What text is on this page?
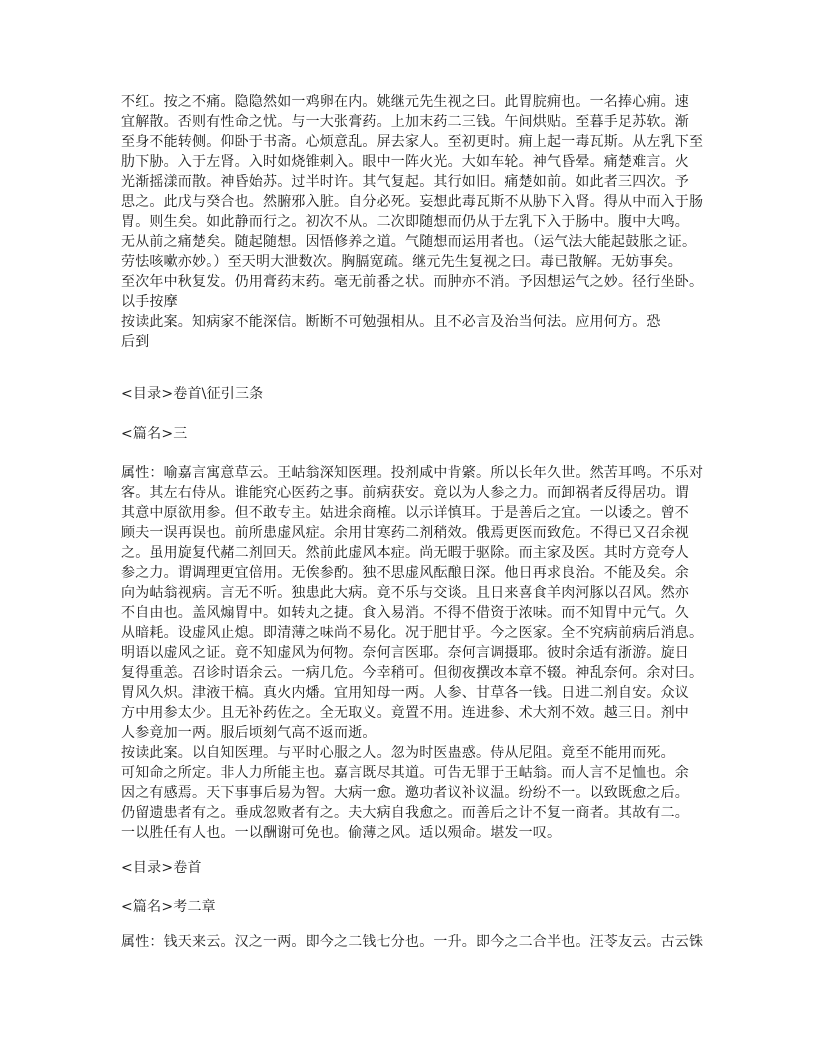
不红。按之不痛。隐隐然如一鸡卵在内。姚继元先生视之曰。此胃脘痈也。一名捧心痈。速
宜解散。否则有性命之忧。与一大张膏药。上加末药二三钱。午间烘贴。至暮手足苏软。渐
至身不能转侧。仰卧于书斋。心烦意乱。屏去家人。至初更时。痈上起一毒瓦斯。从左乳下至
肋下胁。入于左肾。入时如烧锥刺入。眼中一阵火光。大如车轮。神气昏晕。痛楚难言。火
光渐摇漾而散。神昏始苏。过半时许。其气复起。其行如旧。痛楚如前。如此者三四次。予
思之。此戊与癸合也。然腑邪入脏。自分必死。妄想此毒瓦斯不从胁下入肾。得从中而入于肠
胃。则生矣。如此静而行之。初次不从。二次即随想而仍从于左乳下入于肠中。腹中大鸣。
无从前之痛楚矣。随起随想。因悟修养之道。气随想而运用者也。（运气法大能起鼓胀之证。
劳怯咳嗽亦妙。）至天明大泄数次。胸膈宽疏。继元先生复视之曰。毒已散解。无妨事矣。
至次年中秋复发。仍用膏药末药。毫无前番之状。而肿亦不消。予因想运气之妙。径行坐卧。
以手按摩
按读此案。知病家不能深信。断断不可勉强相从。且不必言及治当何法。应用何方。恐
后到
<目录>卷首\征引三条
<篇名>三
属性：喻嘉言寓意草云。王岵翁深知医理。投剂咸中肯綮。所以长年久世。然苦耳鸣。不乐对
客。其左右侍从。谁能究心医药之事。前病获安。竟以为人参之力。而卸祸者反得居功。谓
其意中原欲用参。但不敢专主。姑进余商榷。以示详慎耳。于是善后之宜。一以诿之。曾不
顾夫一误再误也。前所患虚风症。余用甘寒药二剂稍效。俄焉更医而致危。不得已又召余视
之。虽用旋复代赭二剂回天。然前此虚风本症。尚无暇于驱除。而主家及医。其时方竞夸人
参之力。谓调理更宜倍用。无俟参酌。独不思虚风酝酿日深。他日再求良治。不能及矣。余
向为岵翁视病。言无不听。独患此大病。竟不乐与交谈。且日来喜食羊肉河豚以召风。然亦
不自由也。盖风煽胃中。如转丸之捷。食入易消。不得不借资于浓味。而不知胃中元气。久
从暗耗。设虚风止熄。即清薄之味尚不易化。况于肥甘乎。今之医家。全不究病前病后消息。
明语以虚风之证。竟不知虚风为何物。奈何言医耶。奈何言调摄耶。彼时余适有浙游。旋日
复得重恙。召诊时语余云。一病几危。今幸稍可。但彻夜撰改本章不辍。神乱奈何。余对曰。
胃风久炽。津液干槁。真火内燔。宜用知母一两。人参、甘草各一钱。日进二剂自安。众议
方中用参太少。且无补药佐之。全无取义。竟置不用。连进参、术大剂不效。越三日。剂中
人参竟加一两。服后顷刻气高不返而逝。
按读此案。以自知医理。与平时心服之人。忽为时医蛊惑。侍从尼阻。竟至不能用而死。
可知命之所定。非人力所能主也。嘉言既尽其道。可告无罪于王岵翁。而人言不足恤也。余
因之有感焉。天下事事后易为智。大病一愈。邀功者议补议温。纷纷不一。以致既愈之后。
仍留遗患者有之。垂成忽败者有之。夫大病自我愈之。而善后之计不复一商者。其故有二。
一以胜任有人也。一以酬谢可免也。偷薄之风。适以殒命。堪发一叹。
<目录>卷首
<篇名>考二章
属性：钱天来云。汉之一两。即今之二钱七分也。一升。即今之二合半也。汪苓友云。古云铢
